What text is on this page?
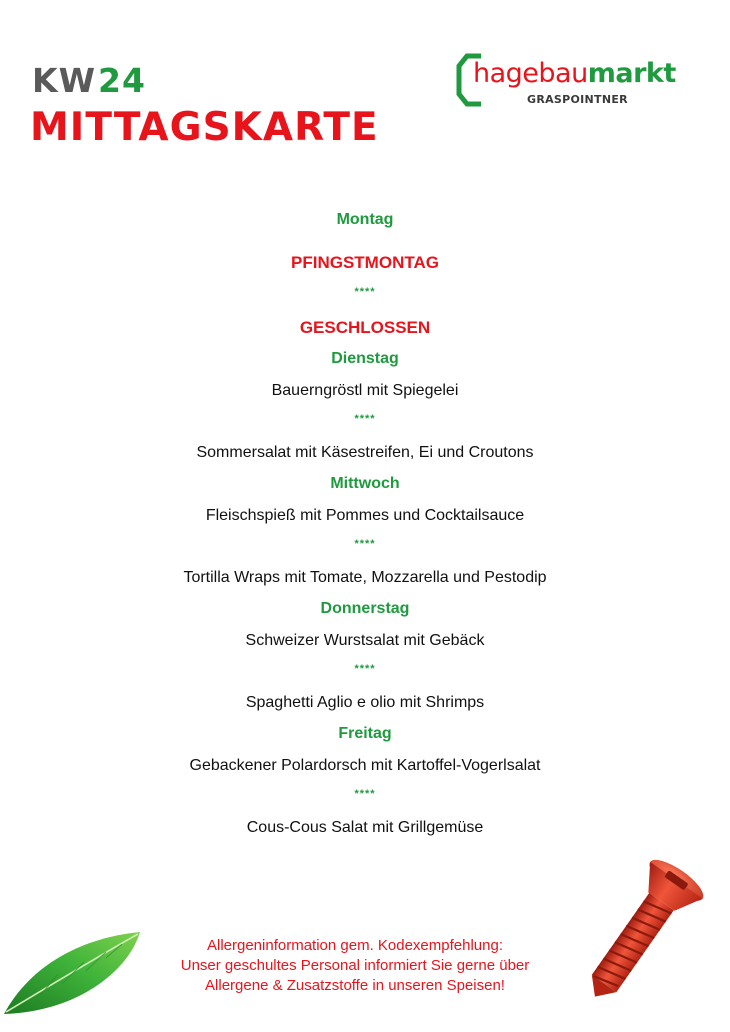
KW24
MITTAGSKARTE
hagebaumarkt
GRASPOINTNER
Montag
PFINGSTMONTAG
****
GESCHLOSSEN
Dienstag
Bauerngröstl mit Spiegelei
****
Sommersalat mit Käsestreifen, Ei und Croutons
Mittwoch
Fleischspieß mit Pommes und Cocktailsauce
****
Tortilla Wraps mit Tomate, Mozzarella und Pestodip
Donnerstag
Schweizer Wurstsalat mit Gebäck
****
Spaghetti Aglio e olio mit Shrimps
Freitag
Gebackener Polardorsch mit Kartoffel-Vogerlsalat
****
Cous-Cous Salat mit Grillgemüse
Allergeninformation gem. Kodexempfehlung:
Unser geschultes Personal informiert Sie gerne über
Allergene & Zusatzstoffe in unseren Speisen!
